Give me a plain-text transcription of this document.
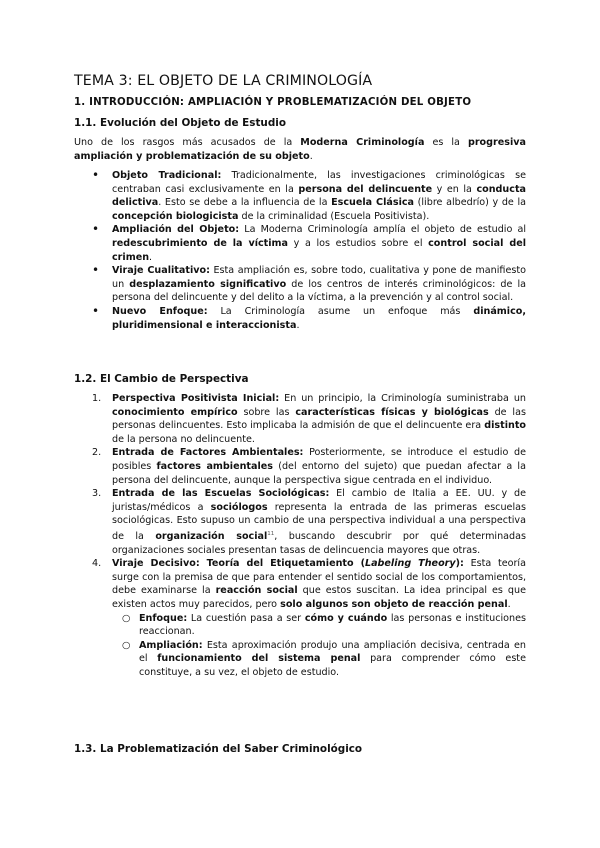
TEMA 3: EL OBJETO DE LA CRIMINOLOGÍA
1. INTRODUCCIÓN: AMPLIACIÓN Y PROBLEMATIZACIÓN DEL OBJETO
1.1. Evolución del Objeto de Estudio

Uno de los rasgos más acusados de la Moderna Criminología es la progresiva ampliación y problematización de su objeto.

•
Objeto Tradicional: Tradicionalmente, las investigaciones criminológicas se centraban casi exclusivamente en la persona del delincuente y en la conducta delictiva. Esto se debe a la influencia de la Escuela Clásica (libre albedrío) y de la concepción biologicista de la criminalidad (Escuela Positivista).
•
Ampliación del Objeto: La Moderna Criminología amplía el objeto de estudio al redescubrimiento de la víctima y a los estudios sobre el control social del crimen.
•
Viraje Cualitativo: Esta ampliación es, sobre todo, cualitativa y pone de manifiesto un desplazamiento significativo de los centros de interés criminológicos: de la persona del delincuente y del delito a la víctima, a la prevención y al control social.
•
Nuevo Enfoque: La Criminología asume un enfoque más dinámico, pluridimensional e interaccionista.
1.2. El Cambio de Perspectiva
1. Perspectiva Positivista Inicial: En un principio, la Criminología suministraba un conocimiento empírico sobre las características físicas y biológicas de las personas delincuentes. Esto implicaba la admisión de que el delincuente era distinto de la persona no delincuente.
2. Entrada de Factores Ambientales: Posteriormente, se introduce el estudio de posibles factores ambientales (del entorno del sujeto) que puedan afectar a la persona del delincuente, aunque la perspectiva sigue centrada en el individuo.
3. Entrada de las Escuelas Sociológicas: El cambio de Italia a EE. UU. y de juristas/médicos a sociólogos representa la entrada de las primeras escuelas sociológicas. Esto supuso un cambio de una perspectiva individual a una perspectiva de la organización social$^{11}$, buscando descubrir por qué determinadas organizaciones sociales presentan tasas de delincuencia mayores que otras.
4. Viraje Decisivo: Teoría del Etiquetamiento (Labeling Theory): Esta teoría surge con la premisa de que para entender el sentido social de los comportamientos, debe examinarse la reacción social que estos suscitan. La idea principal es que existen actos muy parecidos, pero solo algunos son objeto de reacción penal.
○ Enfoque: La cuestión pasa a ser cómo y cuándo las personas e instituciones reaccionan.
○ Ampliación: Esta aproximación produjo una ampliación decisiva, centrada en el funcionamiento del sistema penal para comprender cómo este constituye, a su vez, el objeto de estudio.
1.3. La Problematización del Saber Criminológico
